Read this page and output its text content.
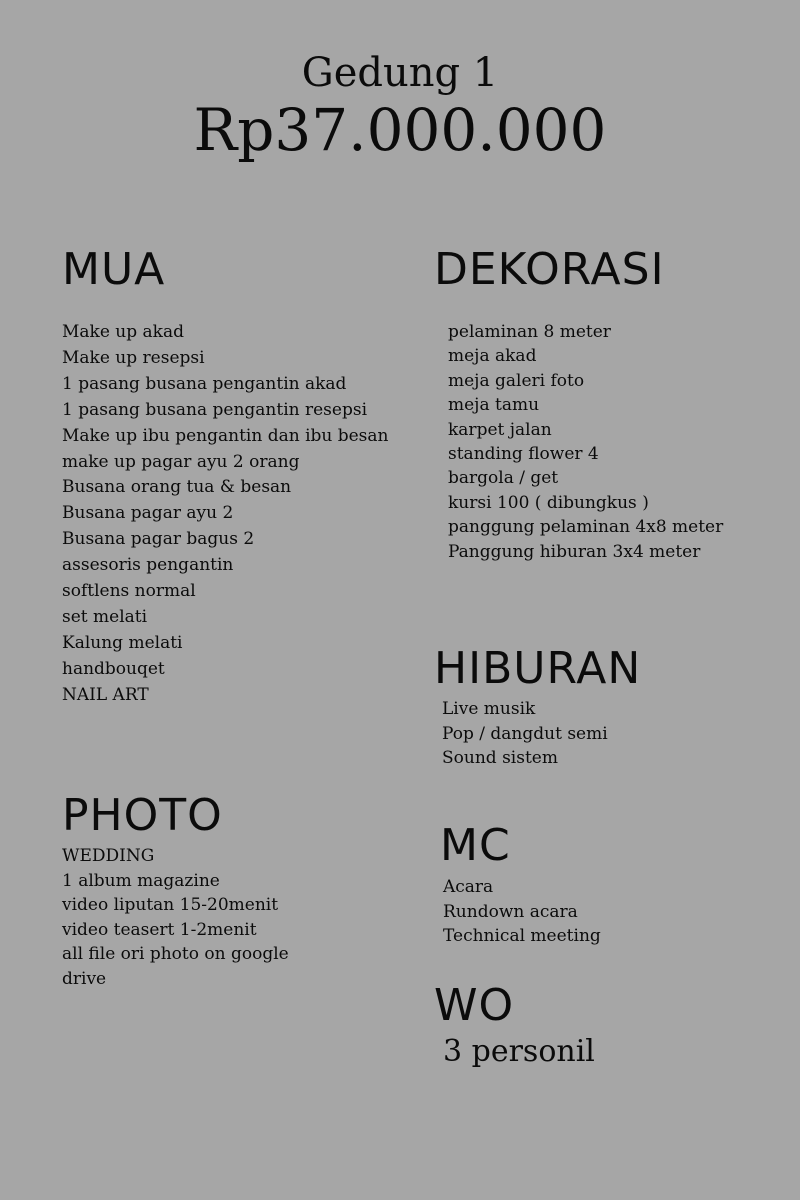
Gedung 1
Rp37.000.000
MUA
Make up akad
Make up resepsi
1 pasang busana pengantin akad
1 pasang busana pengantin resepsi
Make up ibu pengantin dan ibu besan
make up pagar ayu 2 orang
Busana orang tua & besan
Busana pagar ayu 2
Busana pagar bagus 2
assesoris pengantin
softlens normal
set melati
Kalung melati
handbouqet
NAIL ART
DEKORASI
pelaminan 8 meter
meja akad
meja galeri foto
meja tamu
karpet jalan
standing flower 4
bargola / get
kursi 100 ( dibungkus )
panggung pelaminan 4x8 meter
Panggung hiburan 3x4 meter
HIBURAN
Live musik
Pop / dangdut semi
Sound sistem
PHOTO
WEDDING
1 album magazine
video liputan 15-20menit
video teasert 1-2menit
all file ori photo on google
drive
MC
Acara
Rundown acara
Technical meeting
WO
3 personil
